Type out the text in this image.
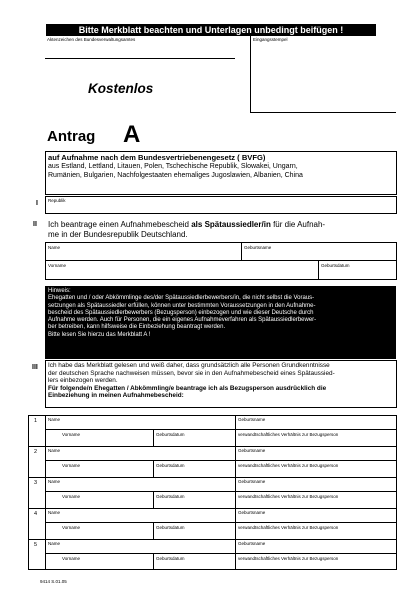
Bitte Merkblatt beachten und Unterlagen unbedingt beifügen !
Aktenzeichen des Bundesverwaltungsamtes	Eingangsstempel
Kostenlos
Antrag A
auf Aufnahme nach dem Bundesvertriebenengesetz ( BVFG)
aus Estland, Lettland, Litauen, Polen, Tschechische Republik, Slowakei, Ungarn,
Rumänien, Bulgarien, Nachfolgestaaten ehemaliges Jugoslawien, Albanien, China
I Republik
II Ich beantrage einen Aufnahmebescheid als Spätaussiedler/in für die Aufnah-
me in der Bundesrepublik Deutschland.
Name	Geburtsname
Vorname	Geburtsdatum
Hinweis:
Ehegatten und / oder Abkömmlinge des/der Spätaussiedlerbewerbers/in, die nicht selbst die Voraus-
setzungen als Spätaussiedler erfüllen, können unter bestimmten Voraussetzungen in den Aufnahme-
bescheid des Spätaussiedlerbewerbers (Bezugsperson) einbezogen und wie dieser Deutsche durch
Aufnahme werden. Auch für Personen, die ein eigenes Aufnahmeverfahren als Spätaussiedlerbewer-
ber betreiben, kann hilfsweise die Einbeziehung beantragt werden.
Bitte lesen Sie hierzu das Merkblatt A !
III Ich habe das Merkblatt gelesen und weiß daher, dass grundsätzlich alle Personen Grundkenntnisse
der deutschen Sprache nachweisen müssen, bevor sie in den Aufnahmebescheid eines Spätaussied-
lers einbezogen werden.
Für folgende/n Ehegatten / Abkömmling/e beantrage ich als Bezugsperson ausdrücklich die
Einbeziehung in meinen Aufnahmebescheid:
1 Name	Geburtsname
Vorname	Geburtsdatum	verwandtschaftliches Verhältnis zur Bezugsperson
2 Name	Geburtsname
Vorname	Geburtsdatum	verwandtschaftliches Verhältnis zur Bezugsperson
3 Name	Geburtsname
Vorname	Geburtsdatum	verwandtschaftliches Verhältnis zur Bezugsperson
4 Name	Geburtsname
Vorname	Geburtsdatum	verwandtschaftliches Verhältnis zur Bezugsperson
5 Name	Geburtsname
Vorname	Geburtsdatum	verwandtschaftliches Verhältnis zur Bezugsperson
9414 S.01.05
